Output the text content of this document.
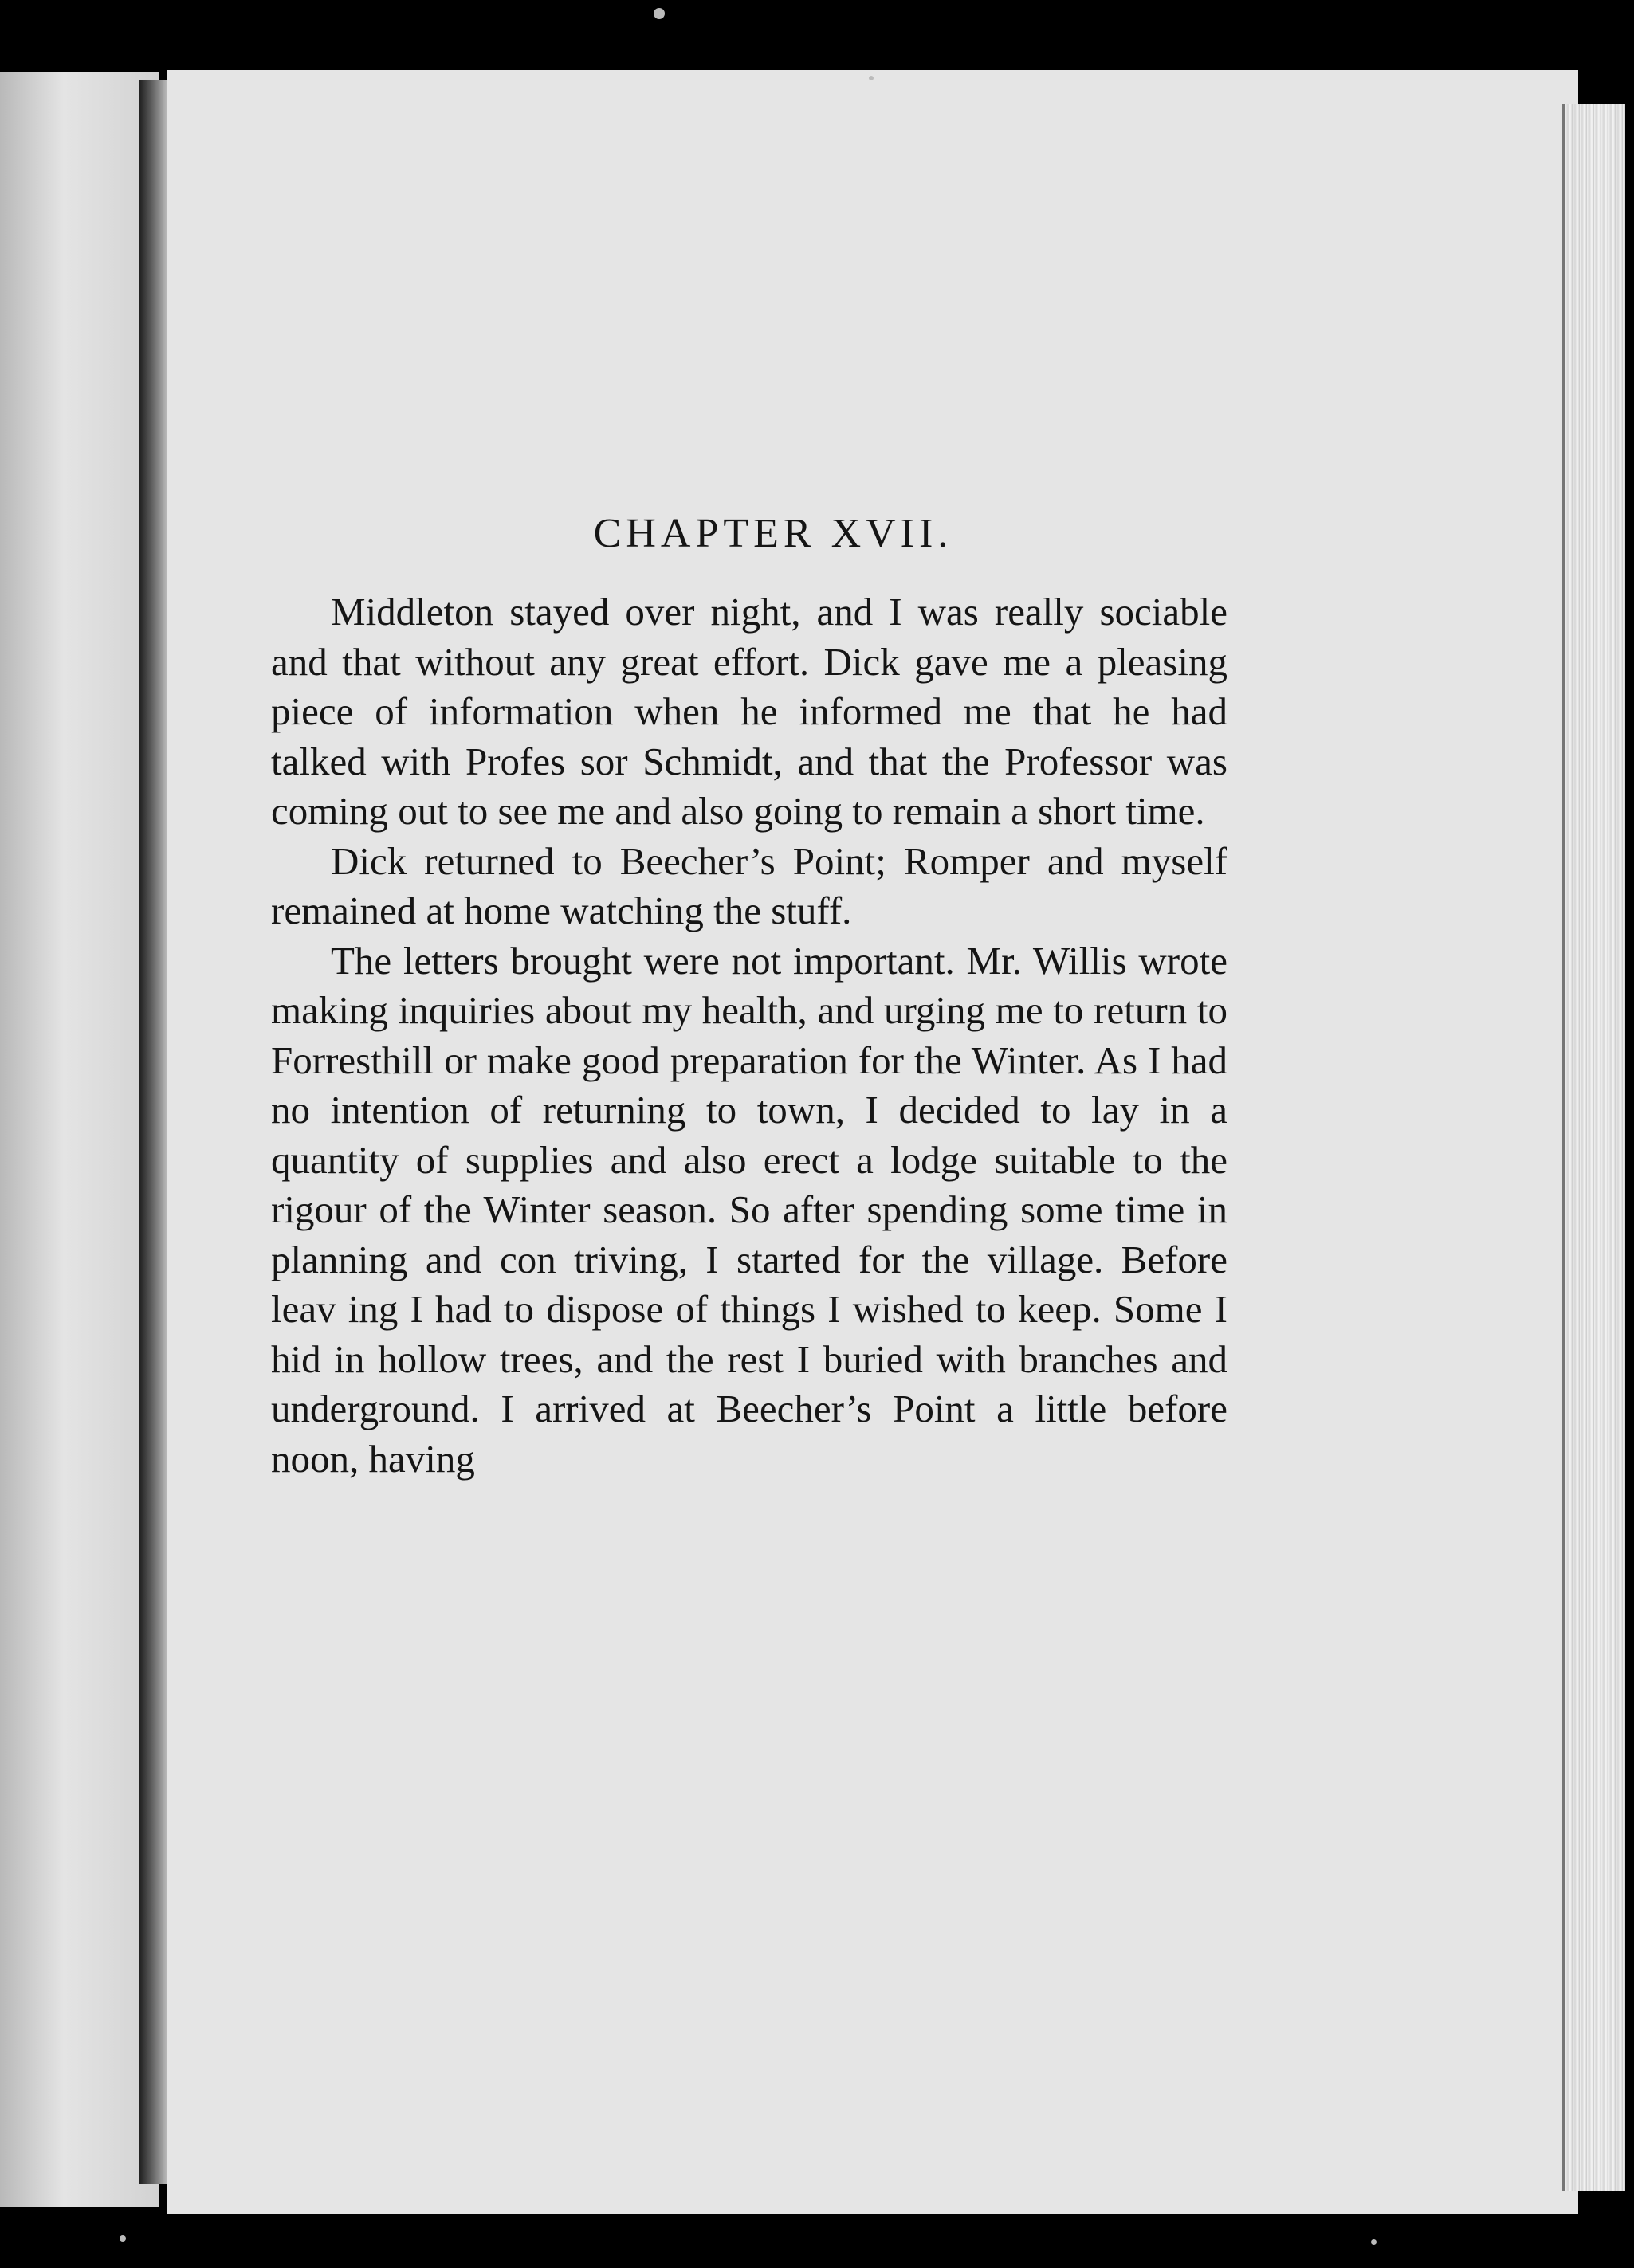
CHAPTER XVII.

Middleton stayed over night, and I was really sociable and that without any great effort. Dick gave me a pleasing piece of information when he informed me that he had talked with Profes sor Schmidt, and that the Professor was coming out to see me and also going to remain a short time.

Dick returned to Beecher’s Point; Romper and myself remained at home watching the stuff.

The letters brought were not important. Mr. Willis wrote making inquiries about my health, and urging me to return to Forresthill or make good preparation for the Winter. As I had no intention of returning to town, I decided to lay in a quantity of supplies and also erect a lodge suitable to the rigour of the Winter season. So after spending some time in planning and con triving, I started for the village. Before leav ing I had to dispose of things I wished to keep. Some I hid in hollow trees, and the rest I buried with branches and underground. I arrived at Beecher’s Point a little before noon, having
